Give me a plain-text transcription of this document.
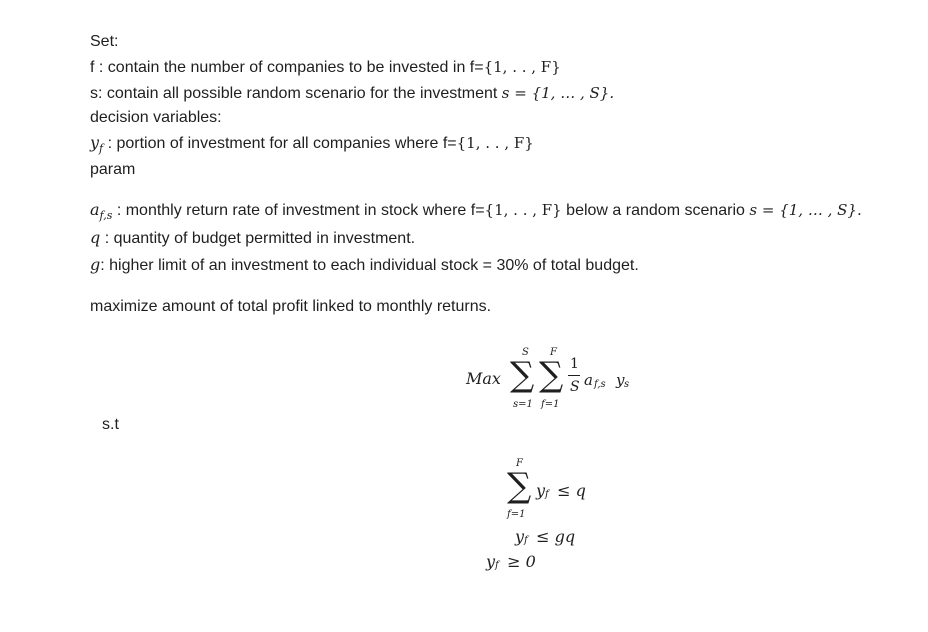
Set:
f : contain the number of companies to be invested in f={1, . . , F}
s: contain all possible random scenario for the investment s = {1, … , S}.
decision variables:
$y_f$ : portion of investment for all companies where f={1, . . , F}
param
$a_{f,s}$ : monthly return rate of investment in stock where f={1, . . , F} below a random scenario s = {1, … , S}.
q : quantity of budget permitted in investment.
g: higher limit of an investment to each individual stock = 30% of total budget.
maximize amount of total profit linked to monthly returns.
Max
S
∑
s=1
F
∑
f=1
1
S a f,s y s
s.t
F
∑
f=1
y f ≤ q
y f ≤ gq
y f ≥ 0
